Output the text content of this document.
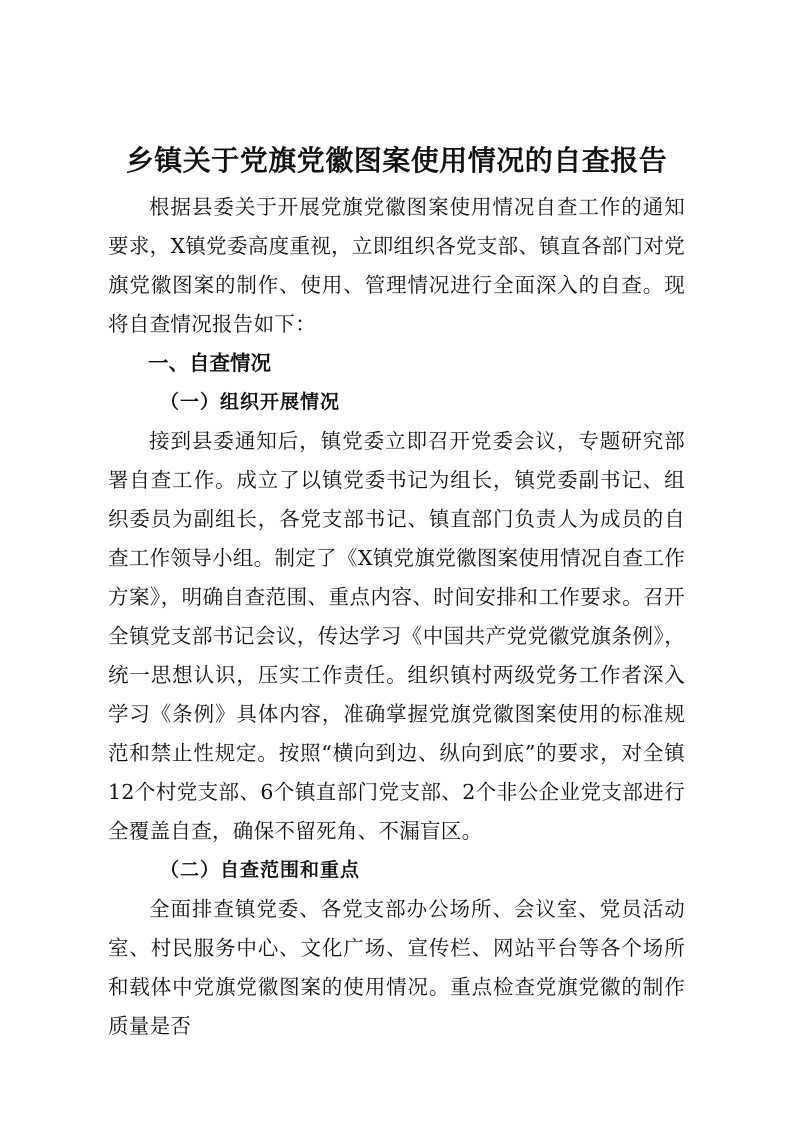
乡镇关于党旗党徽图案使用情况的自查报告

根据县委关于开展党旗党徽图案使用情况自查工作的通知要求，X镇党委高度重视，立即组织各党支部、镇直各部门对党旗党徽图案的制作、使用、管理情况进行全面深入的自查。现将自查情况报告如下：

一、自查情况
（一）组织开展情况

接到县委通知后，镇党委立即召开党委会议，专题研究部署自查工作。成立了以镇党委书记为组长，镇党委副书记、组织委员为副组长，各党支部书记、镇直部门负责人为成员的自查工作领导小组。制定了《X镇党旗党徽图案使用情况自查工作方案》，明确自查范围、重点内容、时间安排和工作要求。召开全镇党支部书记会议，传达学习《中国共产党党徽党旗条例》，统一思想认识，压实工作责任。组织镇村两级党务工作者深入学习《条例》具体内容，准确掌握党旗党徽图案使用的标准规范和禁止性规定。按照“横向到边、纵向到底”的要求，对全镇12个村党支部、6个镇直部门党支部、2个非公企业党支部进行全覆盖自查，确保不留死角、不漏盲区。

（二）自查范围和重点

全面排查镇党委、各党支部办公场所、会议室、党员活动室、村民服务中心、文化广场、宣传栏、网站平台等各个场所和载体中党旗党徽图案的使用情况。重点检查党旗党徽的制作质量是否
